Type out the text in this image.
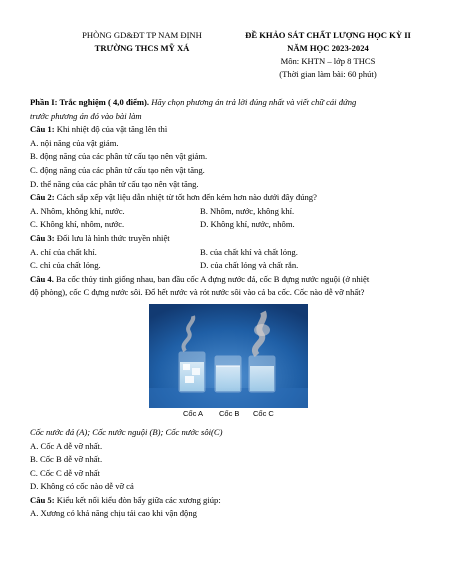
PHÒNG GD&ĐT TP NAM ĐỊNH
TRƯỜNG THCS MỸ XÁ
ĐỀ KHẢO SÁT CHẤT LƯỢNG HỌC KỲ II
NĂM HỌC 2023-2024
Môn: KHTN – lớp 8 THCS
(Thời gian làm bài: 60 phút)
Phần I: Trắc nghiệm ( 4,0 điểm). Hãy chọn phương án trả lời đúng nhất và viết chữ cái đứng
trước phương án đó vào bài làm
Câu 1: Khi nhiệt độ của vật tăng lên thì
A. nội năng của vật giảm.
B. động năng của các phân tử cấu tạo nên vật giảm.
C. động năng của các phân tử cấu tạo nên vật tăng.
D. thể năng của các phân tử cấu tạo nên vật tăng.
Câu 2: Cách sắp xếp vật liệu dẫn nhiệt từ tốt hơn đến kém hơn nào dưới đây đúng?
A. Nhôm, không khí, nước.	B. Nhôm, nước, không khí.
C. Không khí, nhôm, nước.	D. Không khí, nước, nhôm.
Câu 3: Đối lưu là hình thức truyền nhiệt
A. chỉ của chất khí.	B. của chất khí và chất lỏng.
C. chỉ của chất lỏng.	D. của chất lỏng và chất rắn.
Câu 4. Ba cốc thủy tinh giống nhau, ban đầu cốc A đựng nước đá, cốc B đựng nước nguội (ở nhiệt
độ phòng), cốc C đựng nước sôi. Đổ hết nước và rót nước sôi vào cả ba cốc. Cốc nào dễ vỡ nhất?
Cốc A Cốc B Cốc C
Cốc nước đá (A); Cốc nước nguội (B); Cốc nước sôi(C)
A. Cốc A dễ vỡ nhất.
B. Cốc B dễ vỡ nhất.
C. Cốc C dễ vỡ nhất
D. Không có cốc nào dễ vỡ cả
Câu 5: Kiểu kết nối kiểu đòn bẩy giữa các xương giúp:
A. Xương có khả năng chịu tải cao khi vận động
